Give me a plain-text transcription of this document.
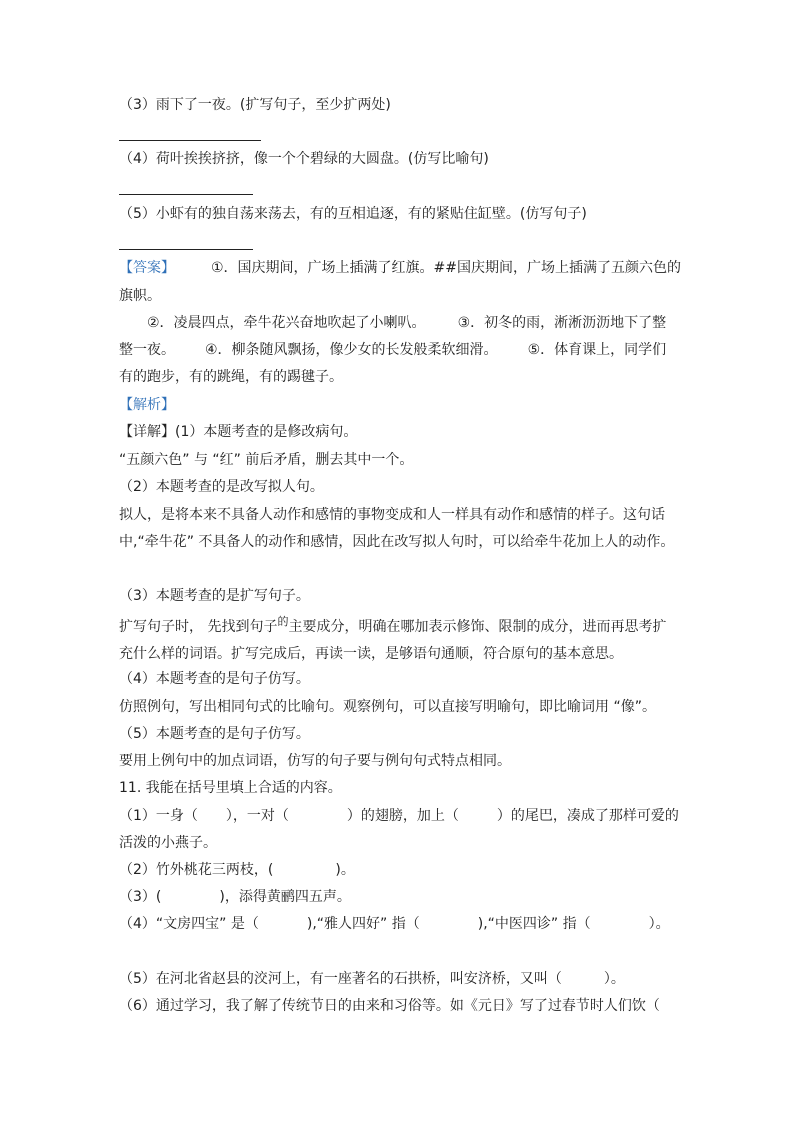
（3）雨下了一夜。(扩写句子，至少扩两处)
（4）荷叶挨挨挤挤，像一个个碧绿的大圆盘。(仿写比喻句)
（5）小虾有的独自荡来荡去，有的互相追逐，有的紧贴住缸壁。(仿写句子)
【答案】	①．国庆期间，广场上插满了红旗。##国庆期间，广场上插满了五颜六色的
旗帜。
②．凌晨四点，牵牛花兴奋地吹起了小喇叭。 ③．初冬的雨，淅淅沥沥地下了整
整一夜。 ④．柳条随风飘扬，像少女的长发般柔软细滑。 ⑤．体育课上，同学们
有的跑步，有的跳绳，有的踢毽子。
【解析】
【详解】(1）本题考查的是修改病句。
“五颜六色” 与 “红” 前后矛盾，删去其中一个。
（2）本题考查的是改写拟人句。
拟人，是将本来不具备人动作和感情的事物变成和人一样具有动作和感情的样子。这句话
中,“牵牛花” 不具备人的动作和感情，因此在改写拟人句时，可以给牵牛花加上人的动作。
（3）本题考查的是扩写句子。
扩写句子时， 先找到句子$^的$主要成分，明确在哪加表示修饰、限制的成分，进而再思考扩
充什么样的词语。扩写完成后，再读一读，是够语句通顺，符合原句的基本意思。
（4）本题考查的是句子仿写。
仿照例句，写出相同句式的比喻句。观察例句，可以直接写明喻句，即比喻词用 “像”。
（5）本题考查的是句子仿写。
要用上例句中的加点词语，仿写的句子要与例句句式特点相同。
11. 我能在括号里填上合适的内容。
（1）一身（ ），一对（	）的翅膀，加上（	）的尾巴，凑成了那样可爱的
活泼的小燕子。
（2）竹外桃花三两枝，(	)。
（3）(	)，添得黄鹂四五声。
（4）“文房四宝” 是（	),“雅人四好” 指（	),“中医四诊” 指（	）。
（5）在河北省赵县的洨河上，有一座著名的石拱桥，叫安济桥，又叫（	）。
（6）通过学习，我了解了传统节日的由来和习俗等。如《元日》写了过春节时人们饮（
